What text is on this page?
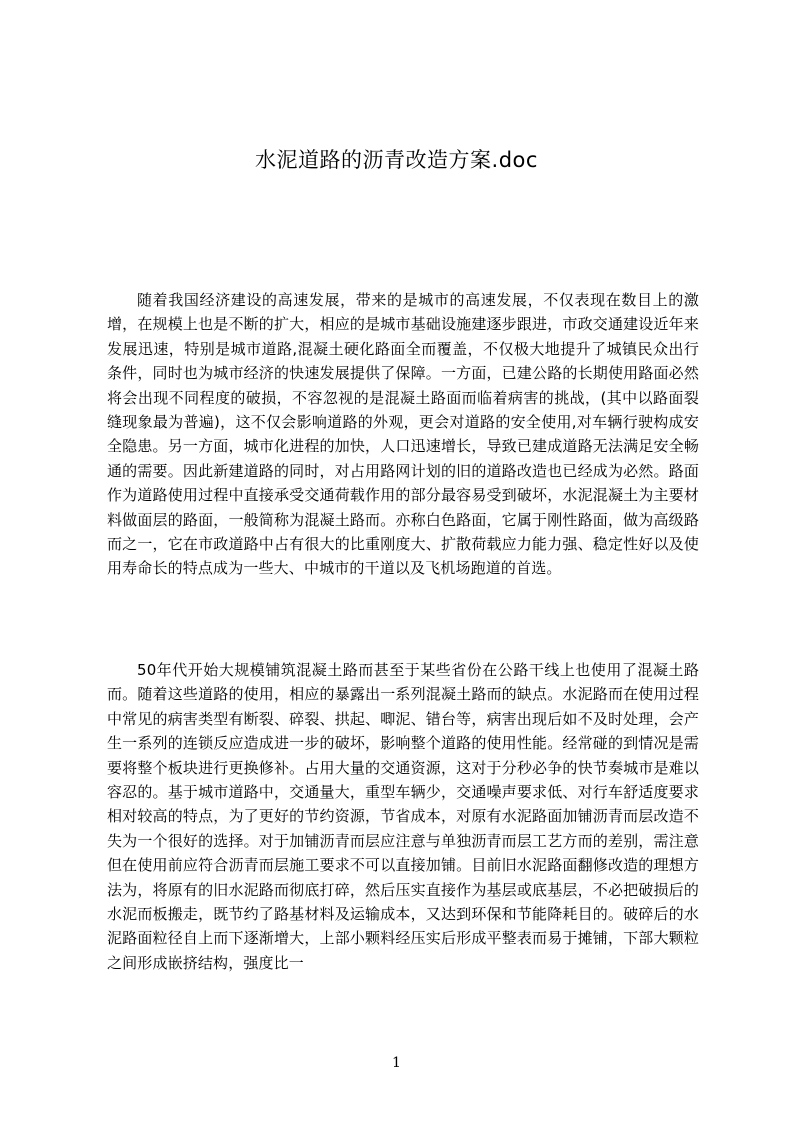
水泥道路的沥青改造方案.doc

随着我国经济建设的高速发展，带来的是城市的高速发展，不仅表现在数目上的激增，在规模上也是不断的扩大，相应的是城市基础设施建逐步跟进，市政交通建设近年来发展迅速，特别是城市道路,混凝土硬化路面全而覆盖，不仅极大地提升了城镇民众出行条件，同时也为城市经济的快速发展提供了保障。一方面，已建公路的长期使用路面必然将会出现不同程度的破损，不容忽视的是混凝土路面而临着病害的挑战，(其中以路面裂缝现象最为普遍)，这不仅会影响道路的外观，更会对道路的安全使用,对车辆行驶构成安全隐患。另一方面，城市化进程的加快，人口迅速增长，导致已建成道路无法满足安全畅通的需要。因此新建道路的同时，对占用路网计划的旧的道路改造也已经成为必然。路面作为道路使用过程中直接承受交通荷载作用的部分最容易受到破坏，水泥混凝土为主要材料做面层的路面，一般简称为混凝土路而。亦称白色路面，它属于刚性路面，做为高级路而之一，它在市政道路中占有很大的比重刚度大、扩散荷载应力能力强、稳定性好以及使用寿命长的特点成为一些大、中城市的干道以及飞机场跑道的首选。

50年代开始大规模铺筑混凝土路而甚至于某些省份在公路干线上也使用了混凝土路而。随着这些道路的使用，相应的暴露出一系列混凝土路而的缺点。水泥路而在使用过程中常见的病害类型有断裂、碎裂、拱起、唧泥、错台等，病害出现后如不及时处理，会产生一系列的连锁反应造成进一步的破坏，影响整个道路的使用性能。经常碰的到情况是需要将整个板块进行更换修补。占用大量的交通资源，这对于分秒必争的快节奏城市是难以容忍的。基于城市道路中，交通量大，重型车辆少，交通噪声要求低、对行车舒适度要求相对较高的特点，为了更好的节约资源，节省成本，对原有水泥路面加铺沥青而层改造不失为一个很好的选择。对于加铺沥青而层应注意与单独沥青而层工艺方而的差别，需注意但在使用前应符合沥青而层施工要求不可以直接加铺。目前旧水泥路面翻修改造的理想方法为，将原有的旧水泥路而彻底打碎，然后压实直接作为基层或底基层，不必把破损后的水泥而板搬走，既节约了路基材料及运输成本，又达到环保和节能降耗目的。破碎后的水泥路面粒径自上而下逐渐增大，上部小颗料经压实后形成平整表而易于摊铺，下部大颗粒之间形成嵌挤结构，强度比一

1
